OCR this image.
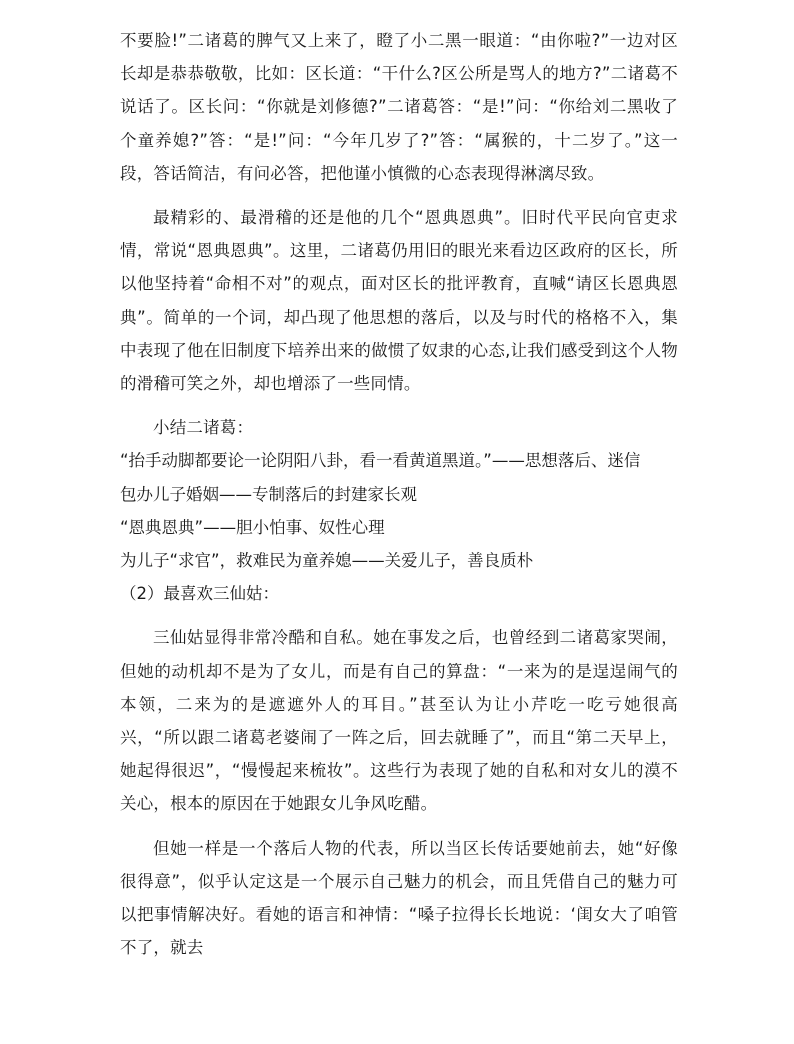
不要脸!”二诸葛的脾气又上来了，瞪了小二黑一眼道：“由你啦?”一边对区长却是恭恭敬敬，比如：区长道：“干什么?区公所是骂人的地方?”二诸葛不说话了。区长问：“你就是刘修德?”二诸葛答：“是!”问：“你给刘二黑收了个童养媳?”答：“是!”问：“今年几岁了?”答：“属猴的，十二岁了。”这一段，答话简洁，有问必答，把他谨小慎微的心态表现得淋漓尽致。

最精彩的、最滑稽的还是他的几个“恩典恩典”。旧时代平民向官吏求情，常说“恩典恩典”。这里，二诸葛仍用旧的眼光来看边区政府的区长，所以他坚持着“命相不对”的观点，面对区长的批评教育，直喊“请区长恩典恩典”。简单的一个词，却凸现了他思想的落后，以及与时代的格格不入，集中表现了他在旧制度下培养出来的做惯了奴隶的心态,让我们感受到这个人物的滑稽可笑之外，却也增添了一些同情。

小结二诸葛：

“抬手动脚都要论一论阴阳八卦，看一看黄道黑道。”——思想落后、迷信

包办儿子婚姻——专制落后的封建家长观

“恩典恩典”——胆小怕事、奴性心理

为儿子“求官”，救难民为童养媳——关爱儿子，善良质朴

（2）最喜欢三仙姑：

三仙姑显得非常冷酷和自私。她在事发之后，也曾经到二诸葛家哭闹，但她的动机却不是为了女儿，而是有自己的算盘：“一来为的是逞逞闹气的本领，二来为的是遮遮外人的耳目。”甚至认为让小芹吃一吃亏她很高兴，“所以跟二诸葛老婆闹了一阵之后，回去就睡了”，而且“第二天早上，她起得很迟”，“慢慢起来梳妆”。这些行为表现了她的自私和对女儿的漠不关心，根本的原因在于她跟女儿争风吃醋。

但她一样是一个落后人物的代表，所以当区长传话要她前去，她“好像很得意”，似乎认定这是一个展示自己魅力的机会，而且凭借自己的魅力可以把事情解决好。看她的语言和神情：“嗓子拉得长长地说：‘闺女大了咱管不了，就去
